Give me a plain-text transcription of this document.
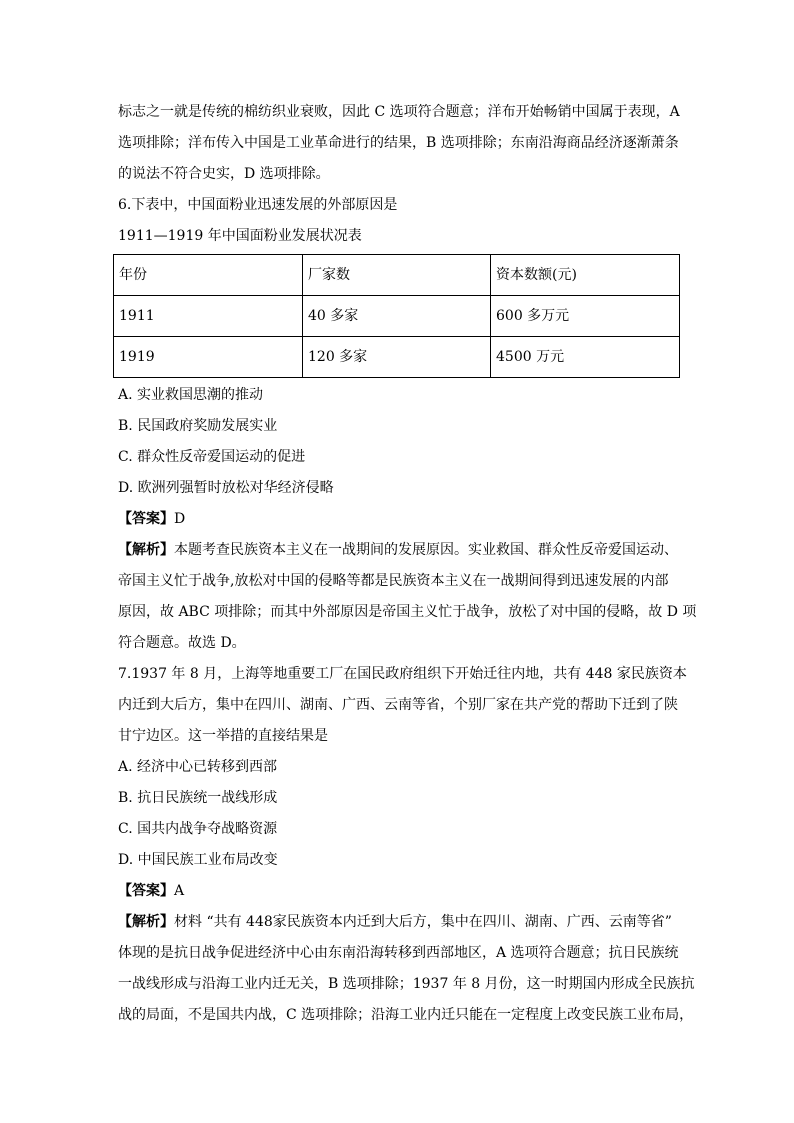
标志之一就是传统的棉纺织业衰败，因此 C 选项符合题意；洋布开始畅销中国属于表现，A
选项排除；洋布传入中国是工业革命进行的结果，B 选项排除；东南沿海商品经济逐渐萧条
的说法不符合史实，D 选项排除。
6.下表中，中国面粉业迅速发展的外部原因是
1911—1919 年中国面粉业发展状况表
年份	厂家数	资本数额(元)
1911	40 多家	600 多万元
1919	120 多家	4500 万元
A. 实业救国思潮的推动
B. 民国政府奖励发展实业
C. 群众性反帝爱国运动的促进
D. 欧洲列强暂时放松对华经济侵略
【答案】D
【解析】本题考查民族资本主义在一战期间的发展原因。实业救国、群众性反帝爱国运动、
帝国主义忙于战争,放松对中国的侵略等都是民族资本主义在一战期间得到迅速发展的内部
原因，故 ABC 项排除；而其中外部原因是帝国主义忙于战争，放松了对中国的侵略，故 D 项
符合题意。故选 D。
7.1937 年 8 月，上海等地重要工厂在国民政府组织下开始迁往内地，共有 448 家民族资本
内迁到大后方，集中在四川、湖南、广西、云南等省，个别厂家在共产党的帮助下迁到了陕
甘宁边区。这一举措的直接结果是
A. 经济中心已转移到西部
B. 抗日民族统一战线形成
C. 国共内战争夺战略资源
D. 中国民族工业布局改变
【答案】A
【解析】材料 “共有 448家民族资本内迁到大后方，集中在四川、湖南、广西、云南等省”
体现的是抗日战争促进经济中心由东南沿海转移到西部地区，A 选项符合题意；抗日民族统
一战线形成与沿海工业内迁无关，B 选项排除；1937 年 8 月份，这一时期国内形成全民族抗
战的局面，不是国共内战，C 选项排除；沿海工业内迁只能在一定程度上改变民族工业布局，
